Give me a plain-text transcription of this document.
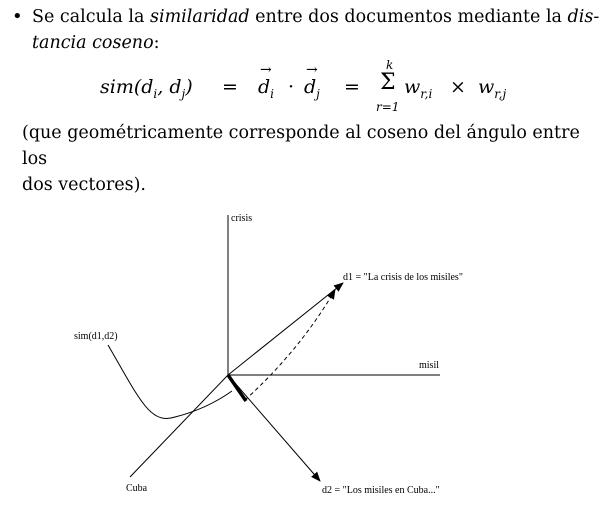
• Se calcula la similaridad entre dos documentos mediante la dis-

tancia coseno:

$sim(d_i$, $d_j$) =
→
$d_i$ ·
→
$d_j$ =
k
Σ
r=1
$w_{r,i} \times w_{r,j}$
(que geométricamente corresponde al coseno del ángulo entre los
dos vectores).
crisis
misil
Cuba
d1 = "La crisis de los misiles"
d2 = "Los misiles en Cuba..."
sim(d1,d2)
